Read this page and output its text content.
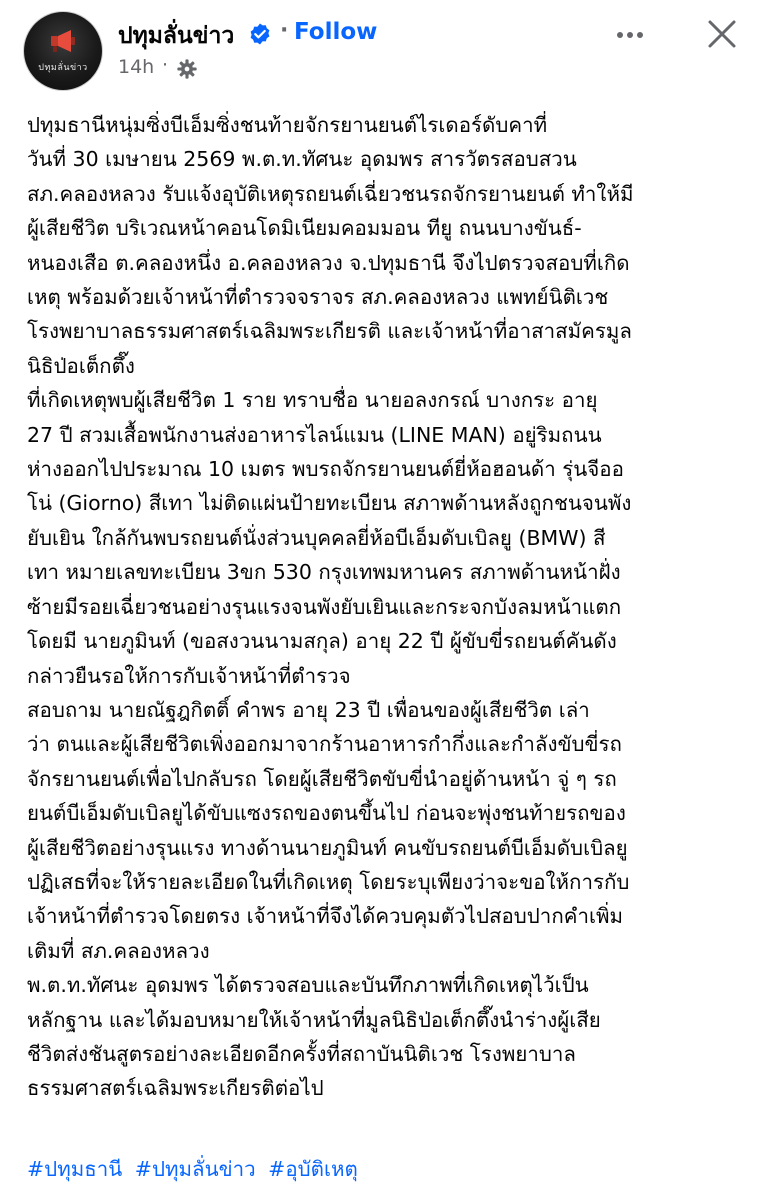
ปทุมลั่นข่าว
ปทุมลั่นข่าว · Follow
14h ·

ปทุมธานีหนุ่มซิ่งบีเอ็มซิ่งชนท้ายจักรยานยนต์ไรเดอร์ดับคาที่

วันที่ 30 เมษายน 2569 พ.ต.ท.ทัศนะ อุดมพร สารวัตรสอบสวน

สภ.คลองหลวง รับแจ้งอุบัติเหตุรถยนต์เฉี่ยวชนรถจักรยานยนต์ ทำให้มี

ผู้เสียชีวิต บริเวณหน้าคอนโดมิเนียมคอมมอน ทียู ถนนบางขันธ์-

หนองเสือ ต.คลองหนึ่ง อ.คลองหลวง จ.ปทุมธานี จึงไปตรวจสอบที่เกิด

เหตุ พร้อมด้วยเจ้าหน้าที่ตำรวจจราจร สภ.คลองหลวง แพทย์นิติเวช

โรงพยาบาลธรรมศาสตร์เฉลิมพระเกียรติ และเจ้าหน้าที่อาสาสมัครมูล

นิธิป่อเต็กตึ๊ง

ที่เกิดเหตุพบผู้เสียชีวิต 1 ราย ทราบชื่อ นายอลงกรณ์ บางกระ อายุ

27 ปี สวมเสื้อพนักงานส่งอาหารไลน์แมน (LINE MAN) อยู่ริมถนน

ห่างออกไปประมาณ 10 เมตร พบรถจักรยานยนต์ยี่ห้อฮอนด้า รุ่นจีออ

โน่ (Giorno) สีเทา ไม่ติดแผ่นป้ายทะเบียน สภาพด้านหลังถูกชนจนพัง

ยับเยิน ใกล้กันพบรถยนต์นั่งส่วนบุคคลยี่ห้อบีเอ็มดับเบิลยู (BMW) สี

เทา หมายเลขทะเบียน 3ขก 530 กรุงเทพมหานคร สภาพด้านหน้าฝั่ง

ซ้ายมีรอยเฉี่ยวชนอย่างรุนแรงจนพังยับเยินและกระจกบังลมหน้าแตก

โดยมี นายภูมินท์ (ขอสงวนนามสกุล) อายุ 22 ปี ผู้ขับขี่รถยนต์คันดัง

กล่าวยืนรอให้การกับเจ้าหน้าที่ตำรวจ

สอบถาม นายณัฐฎกิตติ์ คำพร อายุ 23 ปี เพื่อนของผู้เสียชีวิต เล่า

ว่า ตนและผู้เสียชีวิตเพิ่งออกมาจากร้านอาหารกำกึ่งและกำลังขับขี่รถ

จักรยานยนต์เพื่อไปกลับรถ โดยผู้เสียชีวิตขับขี่นำอยู่ด้านหน้า จู่ ๆ รถ

ยนต์บีเอ็มดับเบิลยูได้ขับแซงรถของตนขึ้นไป ก่อนจะพุ่งชนท้ายรถของ

ผู้เสียชีวิตอย่างรุนแรง ทางด้านนายภูมินท์ คนขับรถยนต์บีเอ็มดับเบิลยู

ปฏิเสธที่จะให้รายละเอียดในที่เกิดเหตุ โดยระบุเพียงว่าจะขอให้การกับ

เจ้าหน้าที่ตำรวจโดยตรง เจ้าหน้าที่จึงได้ควบคุมตัวไปสอบปากคำเพิ่ม

เติมที่ สภ.คลองหลวง

พ.ต.ท.ทัศนะ อุดมพร ได้ตรวจสอบและบันทึกภาพที่เกิดเหตุไว้เป็น

หลักฐาน และได้มอบหมายให้เจ้าหน้าที่มูลนิธิป่อเต็กตึ๊งนำร่างผู้เสีย

ชีวิตส่งชันสูตรอย่างละเอียดอีกครั้งที่สถาบันนิติเวช โรงพยาบาล

ธรรมศาสตร์เฉลิมพระเกียรติต่อไป

#ปทุมธานี #ปทุมลั่นข่าว #อุบัติเหตุ
